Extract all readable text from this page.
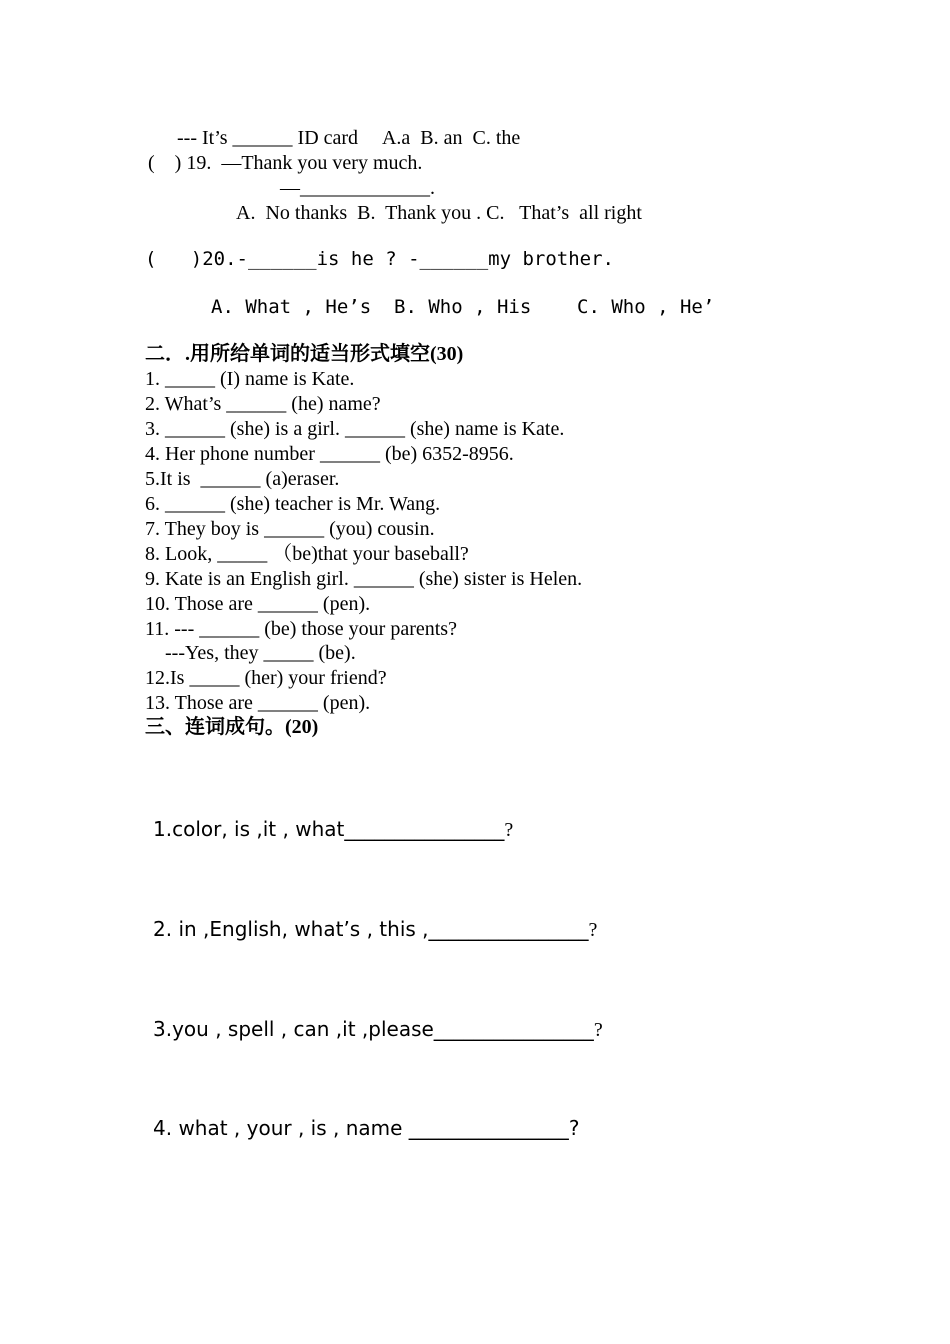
--- It’s ______ ID card     A.a  B. an  C. the
(    ) 19.  —Thank you very much.
—_____________.
A.  No thanks  B.  Thank you . C.   That’s  all right
(   )20.-______is he ? -______my brother.
A. What , He’s  B. Who , His    C. Who , He’
二．.用所给单词的适当形式填空(30)
1. _____ (I) name is Kate.
2. What’s ______ (he) name?
3. ______ (she) is a girl. ______ (she) name is Kate.
4. Her phone number ______ (be) 6352-8956.
5.It is  ______ (a)eraser.
6. ______ (she) teacher is Mr. Wang.
7. They boy is ______ (you) cousin.
8. Look, _____ （be)that your baseball?
9. Kate is an English girl. ______ (she) sister is Helen.
10. Those are ______ (pen).
11. --- ______ (be) those your parents?
---Yes, they _____ (be).
12.Is _____ (her) your friend?
13. Those are ______ (pen).
三、连词成句。(20)

1.color, is ,it , what________________?

2. in ,English, what’s , this ,________________?

3.you , spell , can ,it ,please________________?

4. what , your , is , name ________________?
